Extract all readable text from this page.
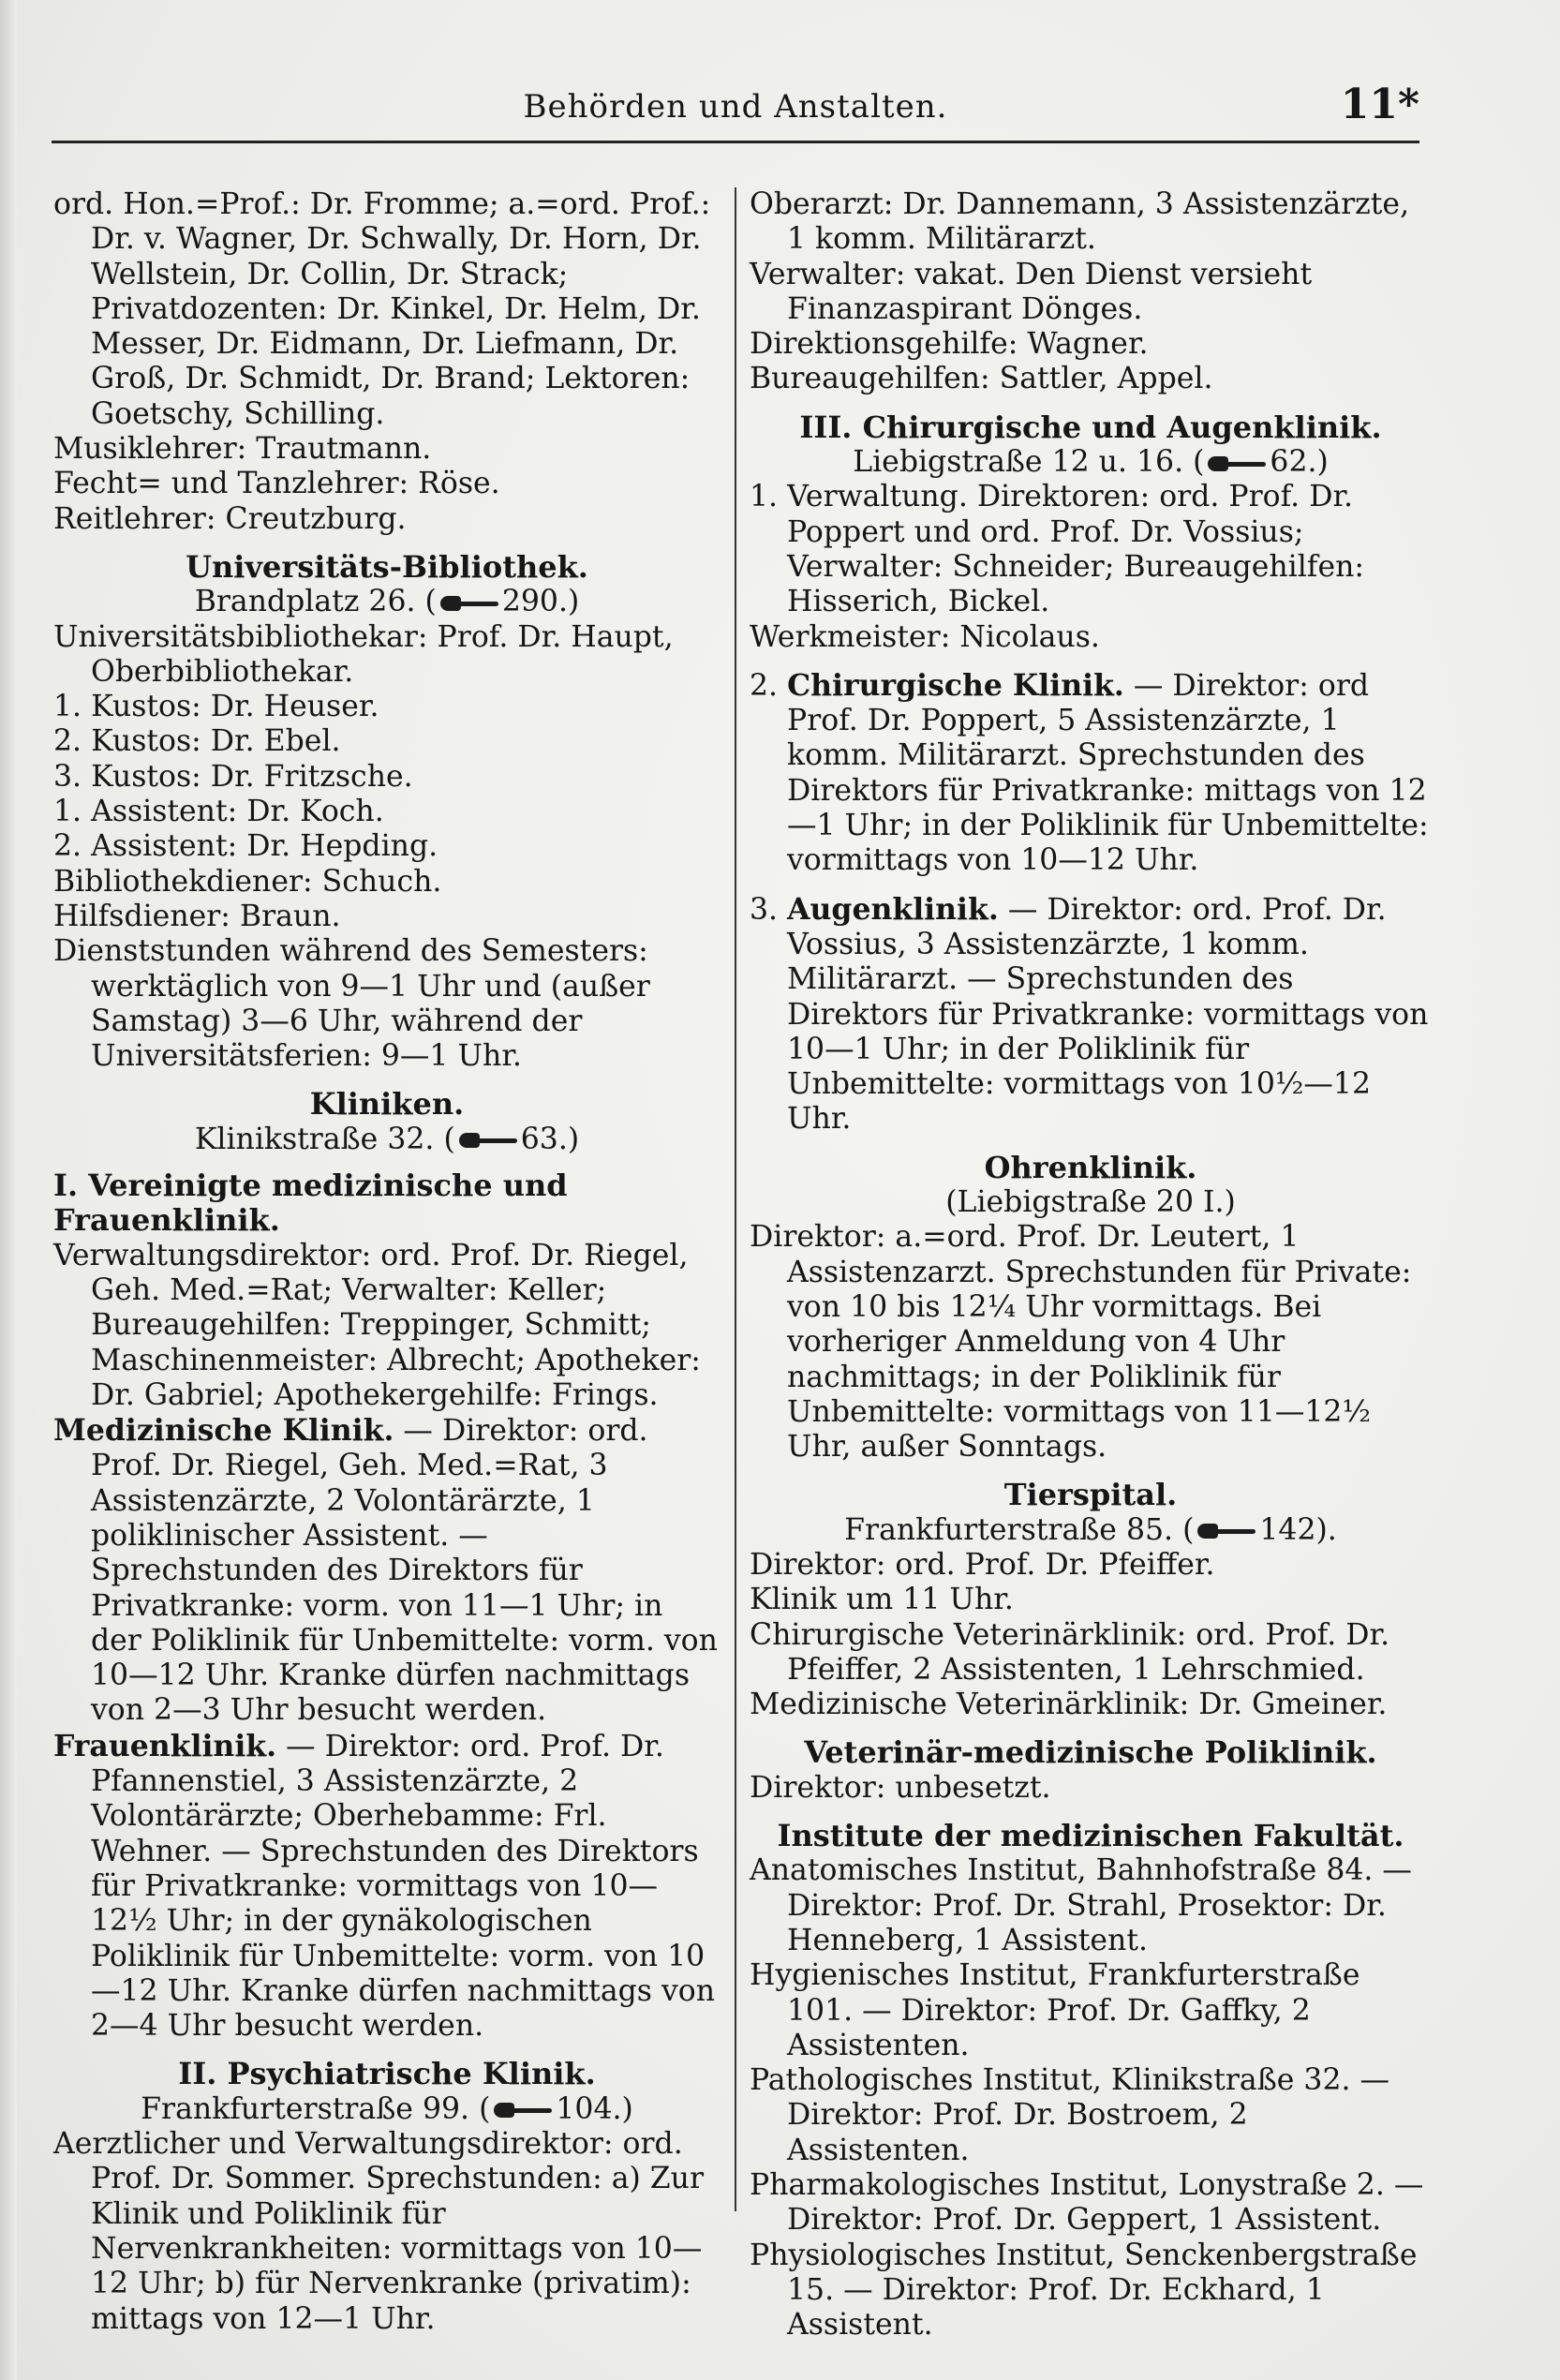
Behörden und Anstalten.	11*

ord. Hon.=Prof.: Dr. Fromme; a.=ord. Prof.: Dr. v. Wagner, Dr. Schwally, Dr. Horn, Dr. Wellstein, Dr. Collin, Dr. Strack; Privatdozenten: Dr. Kinkel, Dr. Helm, Dr. Messer, Dr. Eidmann, Dr. Liefmann, Dr. Groß, Dr. Schmidt, Dr. Brand; Lektoren: Goetschy, Schilling.

Musiklehrer: Trautmann.

Fecht= und Tanzlehrer: Röse.

Reitlehrer: Creutzburg.

Universitäts-Bibliothek.

Brandplatz 26. ( 290.)

Universitätsbibliothekar: Prof. Dr. Haupt, Oberbibliothekar.

1. Kustos: Dr. Heuser.

2. Kustos: Dr. Ebel.

3. Kustos: Dr. Fritzsche.

1. Assistent: Dr. Koch.

2. Assistent: Dr. Hepding.

Bibliothekdiener: Schuch.

Hilfsdiener: Braun.

Dienststunden während des Semesters: werktäglich von 9—1 Uhr und (außer Samstag) 3—6 Uhr, während der Universitätsferien: 9—1 Uhr.

Kliniken.

Klinikstraße 32. ( 63.)

I. Vereinigte medizinische und Frauenklinik.

Verwaltungsdirektor: ord. Prof. Dr. Riegel, Geh. Med.=Rat; Verwalter: Keller; Bureaugehilfen: Treppinger, Schmitt; Maschinenmeister: Albrecht; Apotheker: Dr. Gabriel; Apothekergehilfe: Frings.

Medizinische Klinik. — Direktor: ord. Prof. Dr. Riegel, Geh. Med.=Rat, 3 Assistenzärzte, 2 Volontärärzte, 1 poliklinischer Assistent. — Sprechstunden des Direktors für Privatkranke: vorm. von 11—1 Uhr; in der Poliklinik für Unbemittelte: vorm. von 10—12 Uhr. Kranke dürfen nachmittags von 2—3 Uhr besucht werden.

Frauenklinik. — Direktor: ord. Prof. Dr. Pfannenstiel, 3 Assistenzärzte, 2 Volontärärzte; Oberhebamme: Frl. Wehner. — Sprechstunden des Direktors für Privatkranke: vormittags von 10—12½ Uhr; in der gynäkologischen Poliklinik für Unbemittelte: vorm. von 10—12 Uhr. Kranke dürfen nachmittags von 2—4 Uhr besucht werden.

II. Psychiatrische Klinik.

Frankfurterstraße 99. ( 104.)

Aerztlicher und Verwaltungsdirektor: ord. Prof. Dr. Sommer. Sprechstunden: a) Zur Klinik und Poliklinik für Nervenkrankheiten: vormittags von 10—12 Uhr; b) für Nervenkranke (privatim): mittags von 12—1 Uhr.

Oberarzt: Dr. Dannemann, 3 Assistenzärzte, 1 komm. Militärarzt.

Verwalter: vakat. Den Dienst versieht Finanzaspirant Dönges.

Direktionsgehilfe: Wagner.

Bureaugehilfen: Sattler, Appel.

III. Chirurgische und Augenklinik.

Liebigstraße 12 u. 16. ( 62.)

1. Verwaltung. Direktoren: ord. Prof. Dr. Poppert und ord. Prof. Dr. Vossius; Verwalter: Schneider; Bureaugehilfen: Hisserich, Bickel.

Werkmeister: Nicolaus.

2. Chirurgische Klinik. — Direktor: ord Prof. Dr. Poppert, 5 Assistenzärzte, 1 komm. Militärarzt. Sprechstunden des Direktors für Privatkranke: mittags von 12—1 Uhr; in der Poliklinik für Unbemittelte: vormittags von 10—12 Uhr.

3. Augenklinik. — Direktor: ord. Prof. Dr. Vossius, 3 Assistenzärzte, 1 komm. Militärarzt. — Sprechstunden des Direktors für Privatkranke: vormittags von 10—1 Uhr; in der Poliklinik für Unbemittelte: vormittags von 10½—12 Uhr.

Ohrenklinik.

(Liebigstraße 20 I.)

Direktor: a.=ord. Prof. Dr. Leutert, 1 Assistenzarzt. Sprechstunden für Private: von 10 bis 12¼ Uhr vormittags. Bei vorheriger Anmeldung von 4 Uhr nachmittags; in der Poliklinik für Unbemittelte: vormittags von 11—12½ Uhr, außer Sonntags.

Tierspital.

Frankfurterstraße 85. ( 142).

Direktor: ord. Prof. Dr. Pfeiffer.

Klinik um 11 Uhr.

Chirurgische Veterinärklinik: ord. Prof. Dr. Pfeiffer, 2 Assistenten, 1 Lehrschmied.

Medizinische Veterinärklinik: Dr. Gmeiner.

Veterinär-medizinische Poliklinik.

Direktor: unbesetzt.

Institute der medizinischen Fakultät.

Anatomisches Institut, Bahnhofstraße 84. — Direktor: Prof. Dr. Strahl, Prosektor: Dr. Henneberg, 1 Assistent.

Hygienisches Institut, Frankfurterstraße 101. — Direktor: Prof. Dr. Gaffky, 2 Assistenten.

Pathologisches Institut, Klinikstraße 32. — Direktor: Prof. Dr. Bostroem, 2 Assistenten.

Pharmakologisches Institut, Lonystraße 2. — Direktor: Prof. Dr. Geppert, 1 Assistent.

Physiologisches Institut, Senckenbergstraße 15. — Direktor: Prof. Dr. Eckhard, 1 Assistent.
